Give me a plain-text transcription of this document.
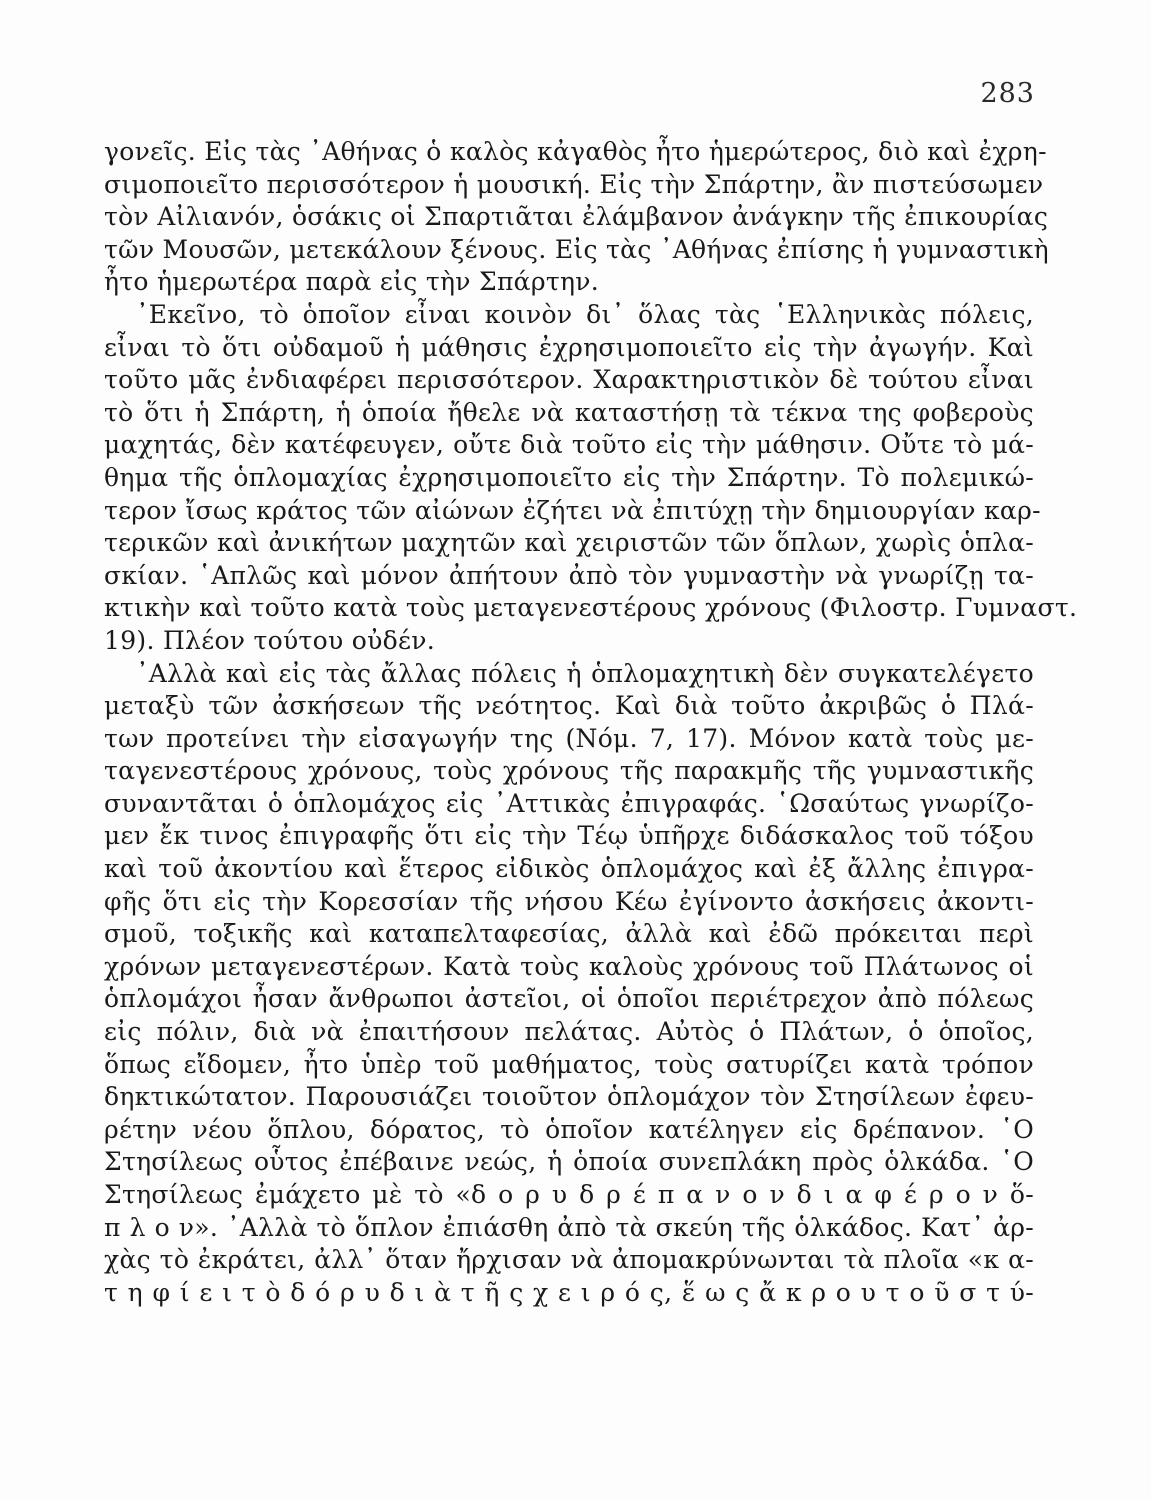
283
γονεῖς. Εἰς τὰς ᾿Αθήνας ὁ καλὸς κἀγαθὸς ἦτο ἡμερώτερος, διὸ καὶ ἐχρη-
σιμοποιεῖτο περισσότερον ἡ μουσική. Εἰς τὴν Σπάρτην, ἂν πιστεύσωμεν
τὸν Αἰλιανόν, ὁσάκις οἱ Σπαρτιᾶται ἐλάμβανον ἀνάγκην τῆς ἐπικουρίας
τῶν Μουσῶν, μετεκάλουν ξένους. Εἰς τὰς ᾿Αθήνας ἐπίσης ἡ γυμναστικὴ
ἦτο ἡμερωτέρα παρὰ εἰς τὴν Σπάρτην.
᾿Εκεῖνο, τὸ ὁποῖον εἶναι κοινὸν δι᾿ ὅλας τὰς ῾Ελληνικὰς πόλεις,
εἶναι τὸ ὅτι οὐδαμοῦ ἡ μάθησις ἐχρησιμοποιεῖτο εἰς τὴν ἀγωγήν. Καὶ
τοῦτο μᾶς ἐνδιαφέρει περισσότερον. Χαρακτηριστικὸν δὲ τούτου εἶναι
τὸ ὅτι ἡ Σπάρτη, ἡ ὁποία ἤθελε νὰ καταστήσῃ τὰ τέκνα της φοβεροὺς
μαχητάς, δὲν κατέφευγεν, οὔτε διὰ τοῦτο εἰς τὴν μάθησιν. Οὔτε τὸ μά-
θημα τῆς ὁπλομαχίας ἐχρησιμοποιεῖτο εἰς τὴν Σπάρτην. Τὸ πολεμικώ-
τερον ἴσως κράτος τῶν αἰώνων ἐζήτει νὰ ἐπιτύχῃ τὴν δημιουργίαν καρ-
τερικῶν καὶ ἀνικήτων μαχητῶν καὶ χειριστῶν τῶν ὅπλων, χωρὶς ὁπλα-
σκίαν. ῾Απλῶς καὶ μόνον ἀπήτουν ἀπὸ τὸν γυμναστὴν νὰ γνωρίζῃ τα-
κτικὴν καὶ τοῦτο κατὰ τοὺς μεταγενεστέρους χρόνους (Φιλοστρ. Γυμναστ.
19). Πλέον τούτου οὐδέν.
᾿Αλλὰ καὶ εἰς τὰς ἄλλας πόλεις ἡ ὁπλομαχητικὴ δὲν συγκατελέγετο
μεταξὺ τῶν ἀσκήσεων τῆς νεότητος. Καὶ διὰ τοῦτο ἀκριβῶς ὁ Πλά-
των προτείνει τὴν εἰσαγωγήν της (Νόμ. 7, 17). Μόνον κατὰ τοὺς με-
ταγενεστέρους χρόνους, τοὺς χρόνους τῆς παρακμῆς τῆς γυμναστικῆς
συναντᾶται ὁ ὁπλομάχος εἰς ᾿Αττικὰς ἐπιγραφάς. ῾Ωσαύτως γνωρίζο-
μεν ἔκ τινος ἐπιγραφῆς ὅτι εἰς τὴν Τέῳ ὑπῆρχε διδάσκαλος τοῦ τόξου
καὶ τοῦ ἀκοντίου καὶ ἕτερος εἰδικὸς ὁπλομάχος καὶ ἐξ ἄλλης ἐπιγρα-
φῆς ὅτι εἰς τὴν Κορεσσίαν τῆς νήσου Κέω ἐγίνοντο ἀσκήσεις ἀκοντι-
σμοῦ, τοξικῆς καὶ καταπελταφεσίας, ἀλλὰ καὶ ἐδῶ πρόκειται περὶ
χρόνων μεταγενεστέρων. Κατὰ τοὺς καλοὺς χρόνους τοῦ Πλάτωνος οἱ
ὁπλομάχοι ἦσαν ἄνθρωποι ἀστεῖοι, οἱ ὁποῖοι περιέτρεχον ἀπὸ πόλεως
εἰς πόλιν, διὰ νὰ ἐπαιτήσουν πελάτας. Αὐτὸς ὁ Πλάτων, ὁ ὁποῖος,
ὅπως εἴδομεν, ἦτο ὑπὲρ τοῦ μαθήματος, τοὺς σατυρίζει κατὰ τρόπον
δηκτικώτατον. Παρουσιάζει τοιοῦτον ὁπλομάχον τὸν Στησίλεων ἐφευ-
ρέτην νέου ὅπλου, δόρατος, τὸ ὁποῖον κατέληγεν εἰς δρέπανον. ῾Ο
Στησίλεως οὗτος ἐπέβαινε νεώς, ἡ ὁποία συνεπλάκη πρὸς ὁλκάδα. ῾Ο
Στησίλεως ἐμάχετο μὲ τὸ «δ ο ρ υ δ ρ έ π α ν ο ν δ ι α φ έ ρ ο ν ὅ-
π λ ο ν». ᾿Αλλὰ τὸ ὅπλον ἐπιάσθη ἀπὸ τὰ σκεύη τῆς ὁλκάδος. Κατ᾿ ἀρ-
χὰς τὸ ἐκράτει, ἀλλ᾿ ὅταν ἤρχισαν νὰ ἀπομακρύνωνται τὰ πλοῖα «κ α-
τ η φ ί ε ι τ ὸ δ ό ρ υ δ ι ὰ τ ῆ ς χ ε ι ρ ό ς, ἕ ω ς ἄ κ ρ ο υ τ ο ῦ σ τ ύ-
